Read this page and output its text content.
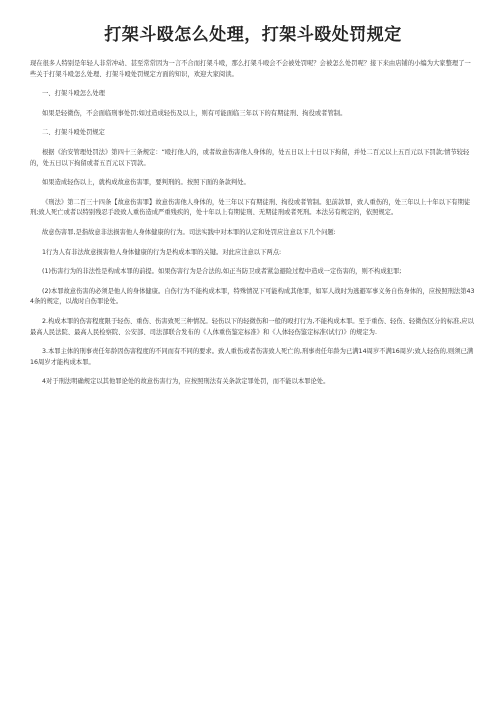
打架斗殴怎么处理，打架斗殴处罚规定

现在很多人特别是年轻人非常冲动、甚至常常因为一言不合而打架斗殴，那么打架斗殴会不会被处罚呢？会被怎么处罚呢？接下来由店铺的小编为大家整理了一些关于打架斗殴怎么处理、打架斗殴处罚规定方面的知识，欢迎大家阅读。

一、打架斗殴怎么处理

如果是轻微伤，不会面临刑事处罚;如过造成轻伤及以上，则有可能面临三年以下的有期徒刑、拘役或者管制。

二、打架斗殴处罚规定

根据《治安管理处罚法》第四十三条规定：“殴打他人的，或者故意伤害他人身体的，处五日以上十日以下拘留，并处二百元以上五百元以下罚款;情节较轻的，处五日以下拘留或者五百元以下罚款。

如果造成轻伤以上，就构成故意伤害罪，要判刑的。按照下面的条款判处。

《刑法》第二百三十四条【故意伤害罪】故意伤害他人身体的，处三年以下有期徒刑、拘役或者管制。犯前款罪，致人重伤的，处三年以上十年以下有期徒刑;致人死亡或者以特别残忍手段致人重伤造成严重残疾的，处十年以上有期徒刑、无期徒刑或者死刑。本法另有规定的，依照规定。

故意伤害罪,是指故意非法损害他人身体健康的行为。司法实践中对本罪的认定和处罚应注意以下几个问题:

1行为人有非法故意损害他人身体健康的行为是构成本罪的关键。对此应注意以下两点:

(1)伤害行为的非法性是构成本罪的前提。如果伤害行为是合法的,如正当防卫或者紧急避险过程中造成一定伤害的，则不构成犯罪;

(2)本罪故意伤害的必须是他人的身体健康。自伤行为不能构成本罪，特殊情况下可能构成其他罪，如军人战时为逃避军事义务自伤身体的，应按照刑法第434条的规定，以战时自伤罪论处。

2.构成本罪的伤害程度限于轻伤、重伤、伤害致死三种情况。轻伤以下的轻微伤和一般的殴打行为,不能构成本罪。至于重伤、轻伤、轻微伤区分的标准,应以最高人民法院、最高人民检察院、公安部、司法部联合发布的《人体重伤鉴定标准》和《人体轻伤鉴定标准(试行)》的规定为.

3.本罪主体的刑事责任年龄因伤害程度的不同而有不同的要求。致人重伤或者伤害致人死亡的,刑事责任年龄为已满14周岁不满16周岁;致人轻伤的,则须已满16周岁才能构成本罪。

4对于刑法明确规定以其他罪论处的故意伤害行为，应按照刑法有关条款定罪处罚，而不能以本罪论处。
